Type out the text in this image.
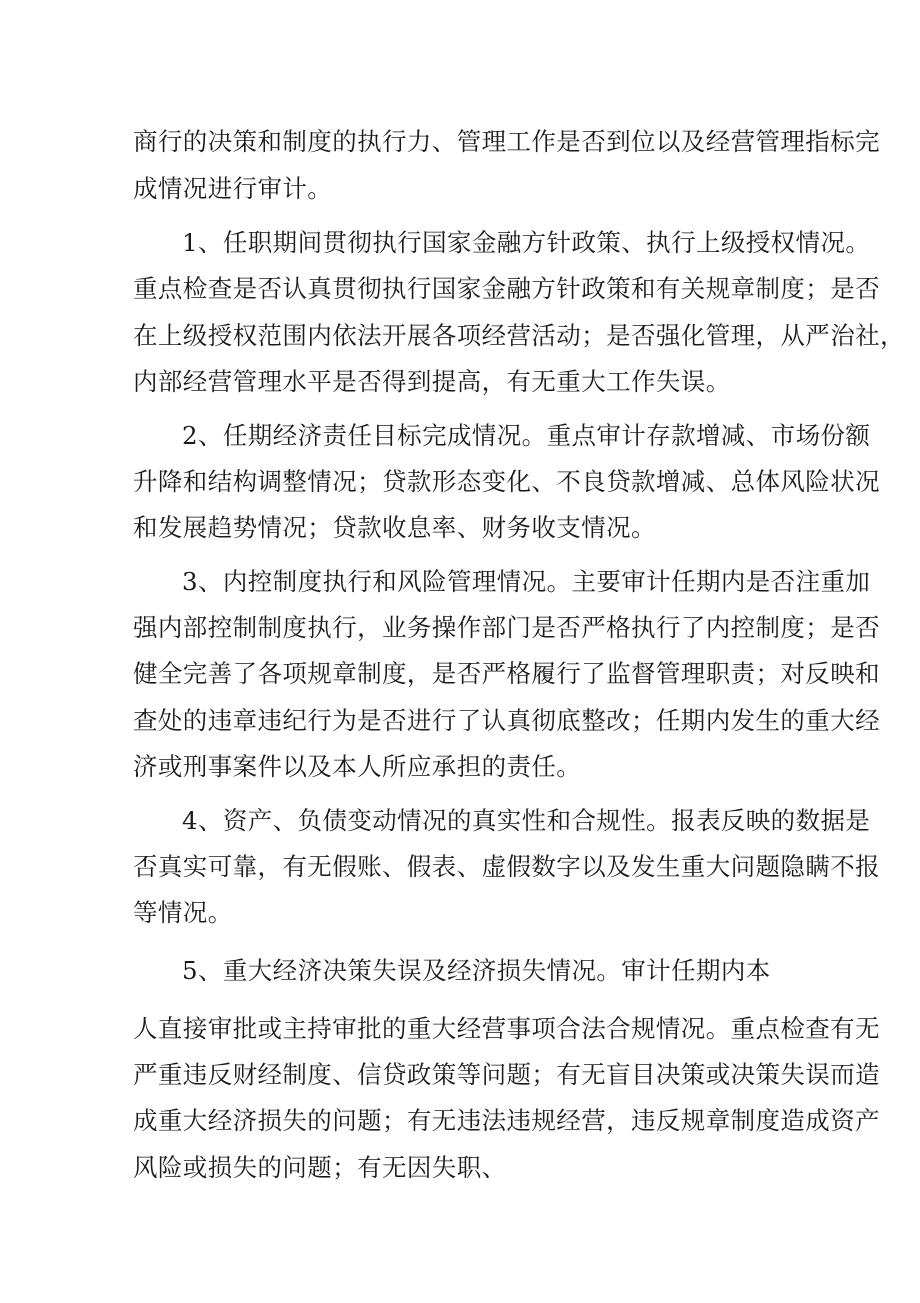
商行的决策和制度的执行力、管理工作是否到位以及经营管理指标完
成情况进行审计。
1、任职期间贯彻执行国家金融方针政策、执行上级授权情况。
重点检查是否认真贯彻执行国家金融方针政策和有关规章制度；是否
在上级授权范围内依法开展各项经营活动；是否强化管理，从严治社，
内部经营管理水平是否得到提高，有无重大工作失误。
2、任期经济责任目标完成情况。重点审计存款增减、市场份额
升降和结构调整情况；贷款形态变化、不良贷款增减、总体风险状况
和发展趋势情况；贷款收息率、财务收支情况。
3、内控制度执行和风险管理情况。主要审计任期内是否注重加
强内部控制制度执行，业务操作部门是否严格执行了内控制度；是否
健全完善了各项规章制度，是否严格履行了监督管理职责；对反映和
查处的违章违纪行为是否进行了认真彻底整改；任期内发生的重大经
济或刑事案件以及本人所应承担的责任。
4、资产、负债变动情况的真实性和合规性。报表反映的数据是
否真实可靠，有无假账、假表、虚假数字以及发生重大问题隐瞒不报
等情况。
5、重大经济决策失误及经济损失情况。审计任期内本
人直接审批或主持审批的重大经营事项合法合规情况。重点检查有无
严重违反财经制度、信贷政策等问题；有无盲目决策或决策失误而造
成重大经济损失的问题；有无违法违规经营，违反规章制度造成资产
风险或损失的问题；有无因失职、
